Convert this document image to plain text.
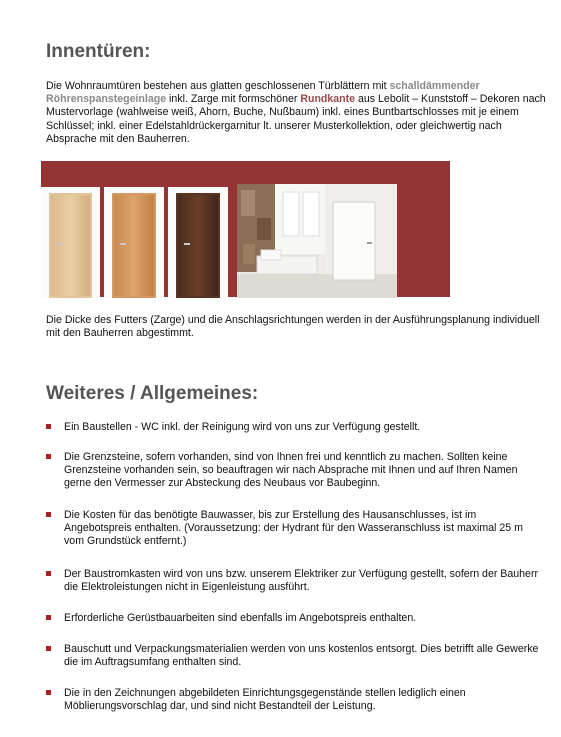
Innentüren:

Die Wohnraumtüren bestehen aus glatten geschlossenen Türblättern mit schalldämmender Röhrenspanstegeinlage inkl. Zarge mit formschöner Rundkante aus Lebolit – Kunststoff – Dekoren nach Mustervorlage (wahlweise weiß, Ahorn, Buche, Nußbaum) inkl. eines Buntbartschlosses mit je einem Schlüssel; inkl. einer Edelstahldrückergarnitur lt. unserer Musterkollektion, oder gleichwertig nach Absprache mit den Bauherren.

Die Dicke des Futters (Zarge) und die Anschlagsrichtungen werden in der Ausführungsplanung individuell mit den Bauherren abgestimmt.

Weiteres / Allgemeines:
Ein Baustellen - WC inkl. der Reinigung wird von uns zur Verfügung gestellt.
Die Grenzsteine, sofern vorhanden, sind von Ihnen frei und kenntlich zu machen. Sollten keine Grenzsteine vorhanden sein, so beauftragen wir nach Absprache mit Ihnen und auf Ihren Namen gerne den Vermesser zur Absteckung des Neubaus vor Baubeginn.
Die Kosten für das benötigte Bauwasser, bis zur Erstellung des Hausanschlusses, ist im Angebotspreis enthalten. (Voraussetzung: der Hydrant für den Wasseranschluss ist maximal 25 m vom Grundstück entfernt.)
Der Baustromkasten wird von uns bzw. unserem Elektriker zur Verfügung gestellt, sofern der Bauherr die Elektroleistungen nicht in Eigenleistung ausführt.
Erforderliche Gerüstbauarbeiten sind ebenfalls im Angebotspreis enthalten.
Bauschutt und Verpackungsmaterialien werden von uns kostenlos entsorgt. Dies betrifft alle Gewerke die im Auftragsumfang enthalten sind.
Die in den Zeichnungen abgebildeten Einrichtungsgegenstände stellen lediglich einen Möblierungsvorschlag dar, und sind nicht Bestandteil der Leistung.
